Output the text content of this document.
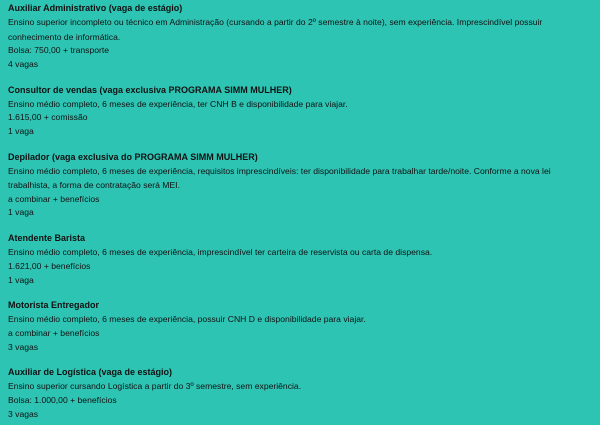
Auxiliar Administrativo (vaga de estágio)

Ensino superior incompleto ou técnico em Administração (cursando a partir do 2º semestre à noite), sem experiência. Imprescindível possuir conhecimento de informática.

Bolsa: 750,00 + transporte

4 vagas

Consultor de vendas (vaga exclusiva PROGRAMA SIMM MULHER)

Ensino médio completo, 6 meses de experiência, ter CNH B e disponibilidade para viajar.

1.615,00 + comissão

1 vaga

Depilador (vaga exclusiva do PROGRAMA SIMM MULHER)

Ensino médio completo, 6 meses de experiência, requisitos imprescindíveis: ter disponibilidade para trabalhar tarde/noite. Conforme a nova lei trabalhista, a forma de contratação será MEI.

a combinar + benefícios

1 vaga

Atendente Barista

Ensino médio completo, 6 meses de experiência, imprescindível ter carteira de reservista ou carta de dispensa.

1.621,00 + benefícios

1 vaga

Motorista Entregador

Ensino médio completo, 6 meses de experiência, possuir CNH D e disponibilidade para viajar.

a combinar + benefícios

3 vagas

Auxiliar de Logística (vaga de estágio)

Ensino superior cursando Logística a partir do 3º semestre, sem experiência.

Bolsa: 1.000,00 + benefícios

3 vagas
